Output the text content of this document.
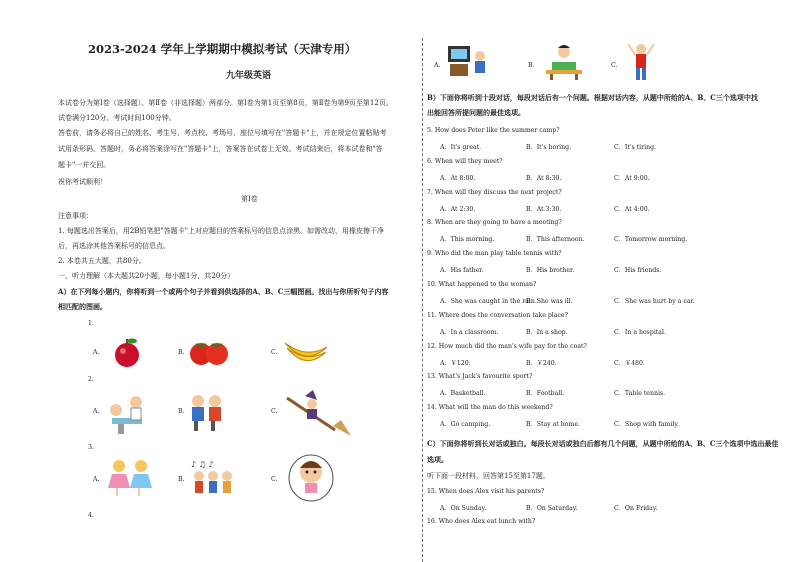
2023-2024 学年上学期期中模拟考试（天津专用）
九年级英语
本试卷分为第Ⅰ卷（选择题）、第Ⅱ卷（非选择题）两部分。第Ⅰ卷为第1页至第8页，第Ⅱ卷为第9页至第12页。
试卷满分120分。考试时间100分钟。
答卷前，请务必将自己的姓名、考生号、考点校、考场号、座位号填写在"答题卡"上，并在规定位置粘贴考
试用条形码。答题时，务必将答案涂写在"答题卡"上，答案答在试卷上无效。考试结束后，将本试卷和"答
题卡"一并交回。
祝你考试顺利！
第Ⅰ卷
注意事项：
1. 每题选出答案后，用2B铅笔把"答题卡"上对应题目的答案标号的信息点涂黑。如需改动，用橡皮擦干净
后，再选涂其他答案标号的信息点。
2. 本卷共五大题，共80分。
一、听力理解（本大题共20小题，每小题1分，共20分）
A）在下列每小题内，你将听到一个或两个句子并看到供选择的A、B、C三幅图画。找出与你所听句子内容
相匹配的图画。
1.
A.	B.	C.
2.
A.	B.	C.
3.
A.	B.
♪ ♫ ♪
C.
4.
A.	B.	C.
B）下面你将听到十段对话，每段对话后有一个问题。根据对话内容，从题中所给的A、B、C三个选项中找
出能回答所提问题的最佳选项。
5. How does Peter like the summer camp?
A．It's great.	B．It's boring.	C．It's tiring.
6. When will they meet?
A．At 8:00.	B．At 8:30.	C．At 9:00.
7. When will they discuss the next project?
A．At 2:30.	B．At 3:30.	C．At 4:00.
8. When are they going to have a meeting?
A．This morning.	B．This afternoon.	C．Tomorrow morning.
9. Who did the man play table tennis with?
A．His father.	B．His brother.	C．His friends.
10. What happened to the woman?
A．She was caught in the rain.
B．She was ill.	C．She was hurt by a car.
11. Where does the conversation take place?
A．In a classroom.	B．In a shop.	C．In a hospital.
12. How much did the man's wife pay for the coat?
A．￥120.	B．￥240.	C．￥480.
13. What's Jack's favourite sport?
A．Basketball.	B．Football.	C．Table tennis.
14. What will the man do this weekend?
A．Go camping.	B．Stay at home.	C．Shop with family.
C）下面你将听到长对话或独白。每段长对话或独白后都有几个问题，从题中所给的A、B、C三个选项中选出最佳
选项。
听下面一段材料，回答第15至第17题。
15. When does Alex visit his parents?
A．On Sunday.	B．On Saturday.	C．On Friday.
16. Who does Alex eat lunch with?
